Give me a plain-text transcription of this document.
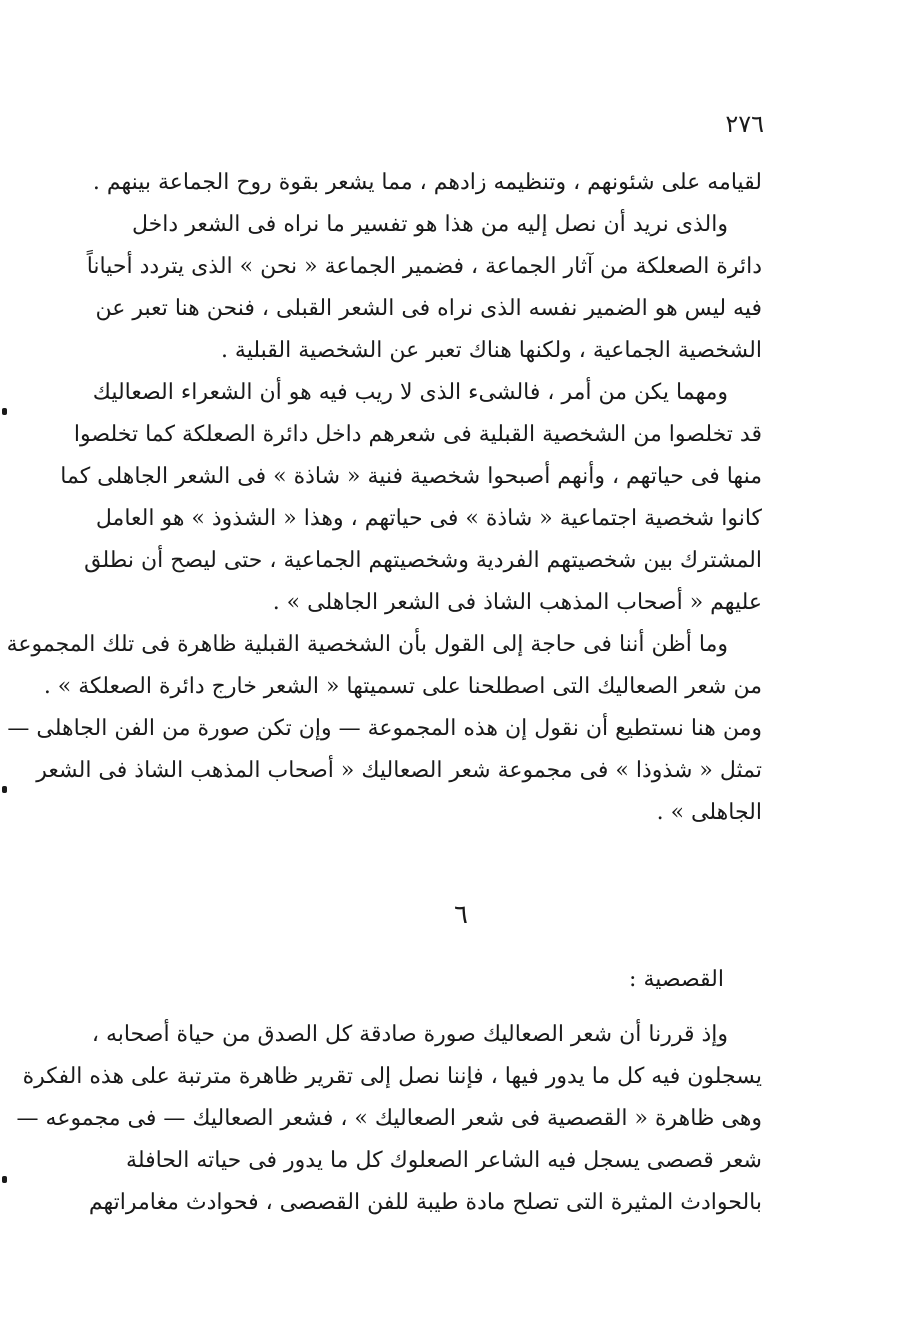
٢٧٦
لقيامه على شئونهم ، وتنظيمه زادهم ، مما يشعر بقوة روح الجماعة بينهم .
والذى نريد أن نصل إليه من هذا هو تفسير ما نراه فى الشعر داخل
دائرة الصعلكة من آثار الجماعة ، فضمير الجماعة « نحن » الذى يتردد أحياناً
فيه ليس هو الضمير نفسه الذى نراه فى الشعر القبلى ، فنحن هنا تعبر عن
الشخصية الجماعية ، ولكنها هناك تعبر عن الشخصية القبلية .
ومهما يكن من أمر ، فالشىء الذى لا ريب فيه هو أن الشعراء الصعاليك
قد تخلصوا من الشخصية القبلية فى شعرهم داخل دائرة الصعلكة كما تخلصوا
منها فى حياتهم ، وأنهم أصبحوا شخصية فنية « شاذة » فى الشعر الجاهلى كما
كانوا شخصية اجتماعية « شاذة » فى حياتهم ، وهذا « الشذوذ » هو العامل
المشترك بين شخصيتهم الفردية وشخصيتهم الجماعية ، حتى ليصح أن نطلق
عليهم « أصحاب المذهب الشاذ فى الشعر الجاهلى » .
وما أظن أننا فى حاجة إلى القول بأن الشخصية القبلية ظاهرة فى تلك المجموعة
من شعر الصعاليك التى اصطلحنا على تسميتها « الشعر خارج دائرة الصعلكة » .
ومن هنا نستطيع أن نقول إن هذه المجموعة — وإن تكن صورة من الفن الجاهلى —
تمثل « شذوذا » فى مجموعة شعر الصعاليك « أصحاب المذهب الشاذ فى الشعر
الجاهلى » .
٦
القصصية :
وإذ قررنا أن شعر الصعاليك صورة صادقة كل الصدق من حياة أصحابه ،
يسجلون فيه كل ما يدور فيها ، فإننا نصل إلى تقرير ظاهرة مترتبة على هذه الفكرة
وهى ظاهرة « القصصية فى شعر الصعاليك » ، فشعر الصعاليك — فى مجموعه —
شعر قصصى يسجل فيه الشاعر الصعلوك كل ما يدور فى حياته الحافلة
بالحوادث المثيرة التى تصلح مادة طيبة للفن القصصى ، فحوادث مغامراتهم
